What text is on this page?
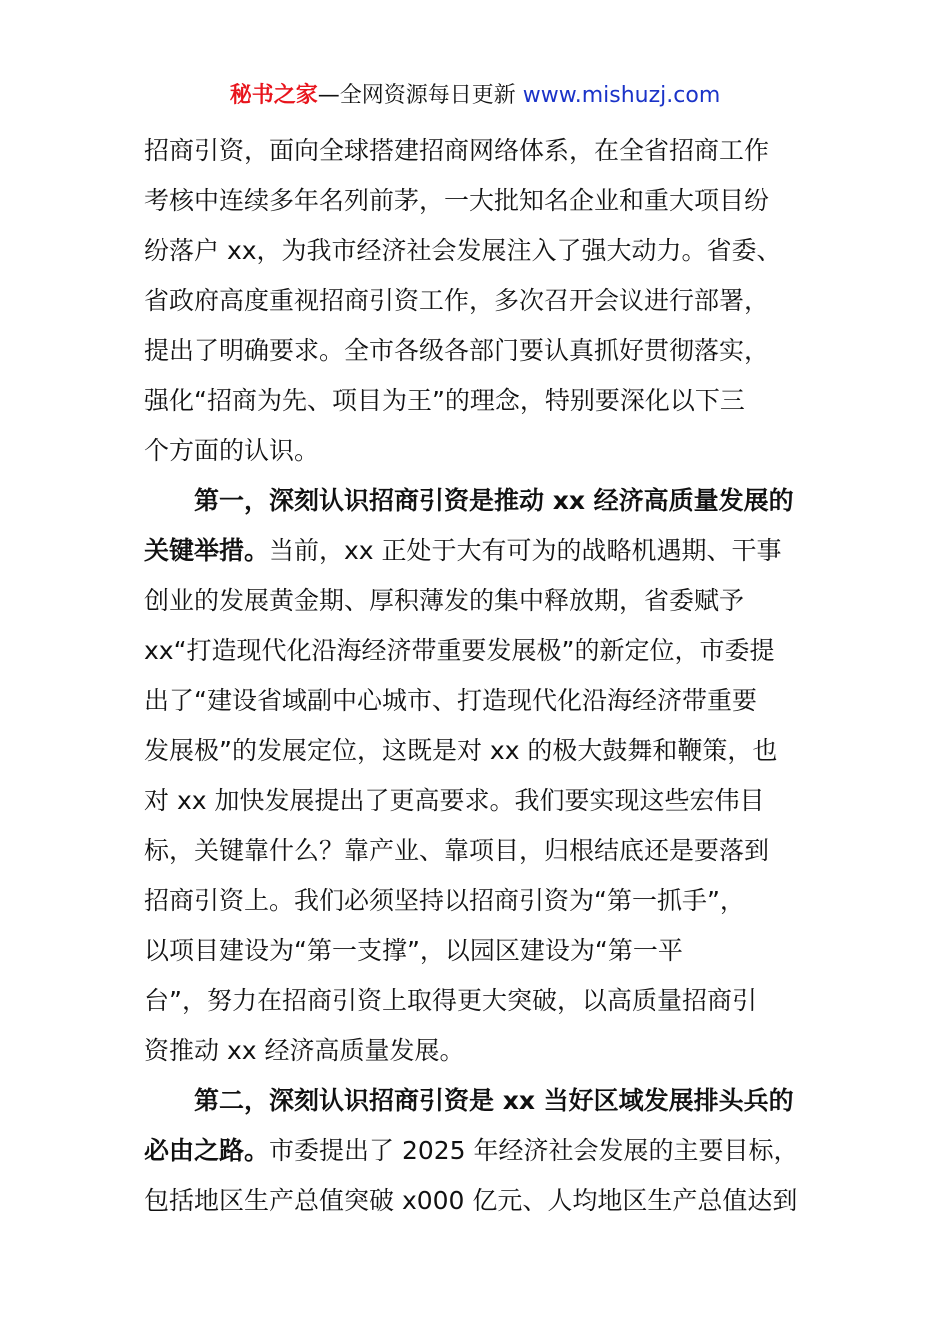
秘书之家—全网资源每日更新 www.mishuzj.com
招商引资，面向全球搭建招商网络体系，在全省招商工作
考核中连续多年名列前茅，一大批知名企业和重大项目纷
纷落户 xx，为我市经济社会发展注入了强大动力。省委、
省政府高度重视招商引资工作，多次召开会议进行部署，
提出了明确要求。全市各级各部门要认真抓好贯彻落实，
强化“招商为先、项目为王”的理念，特别要深化以下三
个方面的认识。
第一，深刻认识招商引资是推动 xx 经济高质量发展的
关键举措。当前，xx 正处于大有可为的战略机遇期、干事
创业的发展黄金期、厚积薄发的集中释放期，省委赋予
xx“打造现代化沿海经济带重要发展极”的新定位，市委提
出了“建设省域副中心城市、打造现代化沿海经济带重要
发展极”的发展定位，这既是对 xx 的极大鼓舞和鞭策，也
对 xx 加快发展提出了更高要求。我们要实现这些宏伟目
标，关键靠什么？靠产业、靠项目，归根结底还是要落到
招商引资上。我们必须坚持以招商引资为“第一抓手”，
以项目建设为“第一支撑”，以园区建设为“第一平
台”，努力在招商引资上取得更大突破，以高质量招商引
资推动 xx 经济高质量发展。
第二，深刻认识招商引资是 xx 当好区域发展排头兵的
必由之路。市委提出了 2025 年经济社会发展的主要目标，
包括地区生产总值突破 x000 亿元、人均地区生产总值达到
